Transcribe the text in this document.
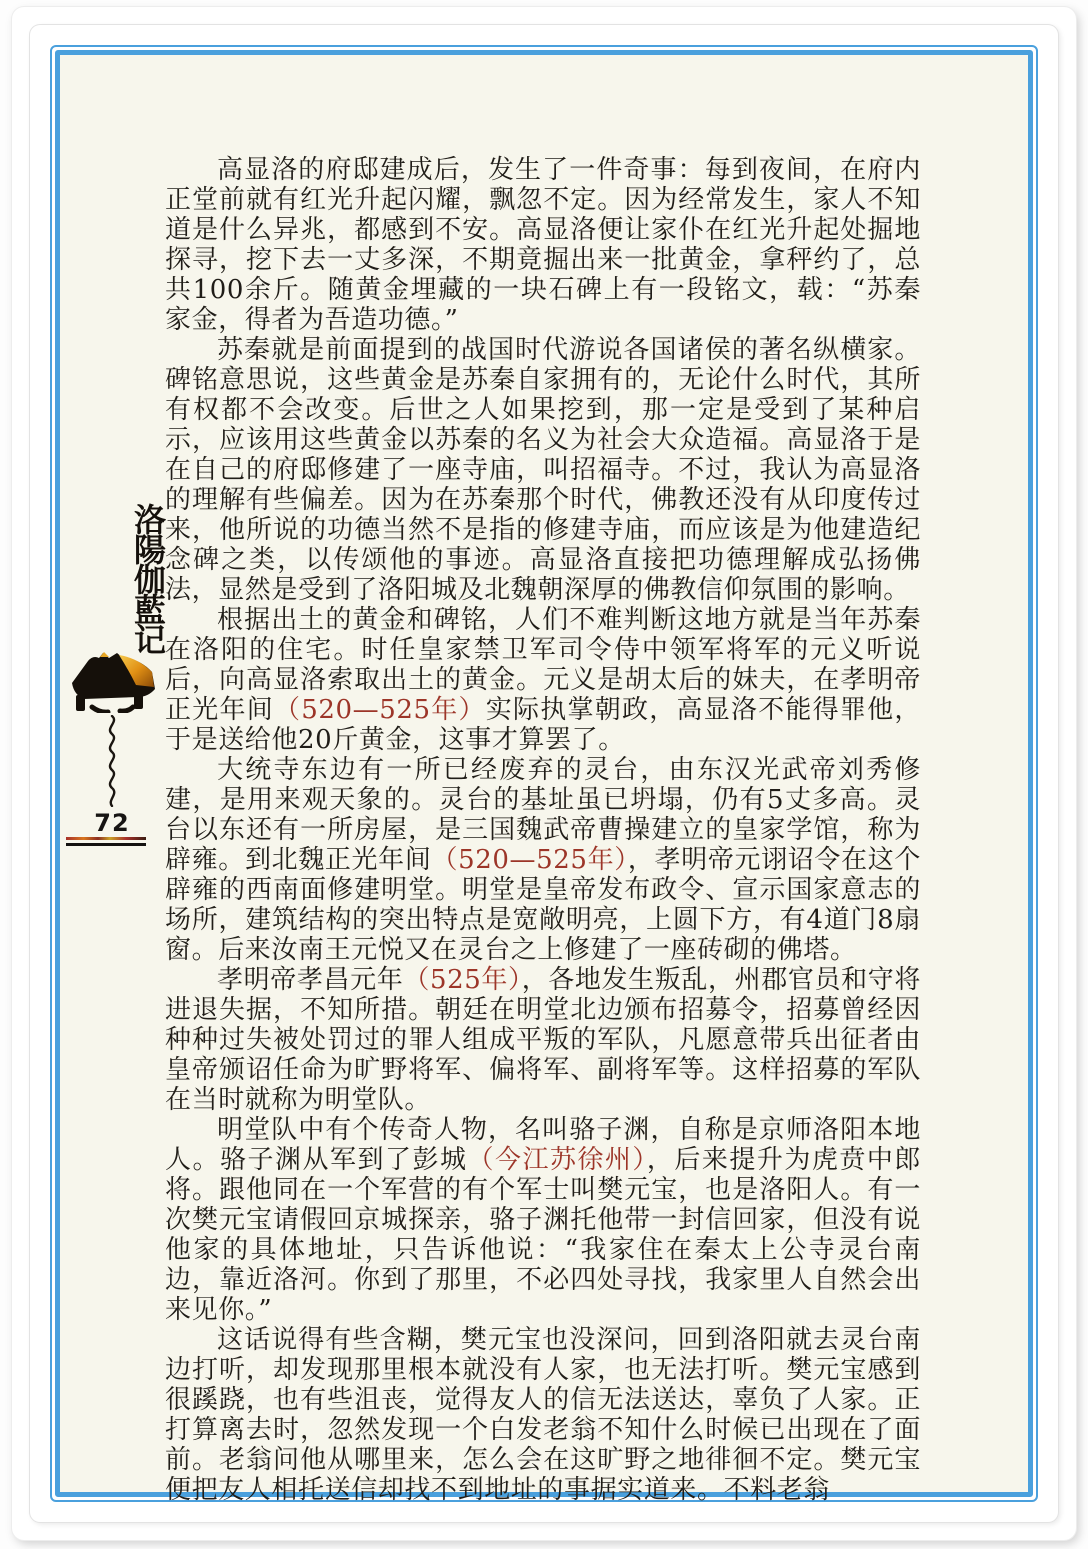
洛陽伽藍记
72

高显洛的府邸建成后，发生了一件奇事：每到夜间，在府内正堂前就有红光升起闪耀，飘忽不定。因为经常发生，家人不知道是什么异兆，都感到不安。高显洛便让家仆在红光升起处掘地探寻，挖下去一丈多深，不期竟掘出来一批黄金，拿秤约了，总共100余斤。随黄金埋藏的一块石碑上有一段铭文，载：“苏秦家金，得者为吾造功德。”

苏秦就是前面提到的战国时代游说各国诸侯的著名纵横家。碑铭意思说，这些黄金是苏秦自家拥有的，无论什么时代，其所有权都不会改变。后世之人如果挖到，那一定是受到了某种启示，应该用这些黄金以苏秦的名义为社会大众造福。高显洛于是在自己的府邸修建了一座寺庙，叫招福寺。不过，我认为高显洛的理解有些偏差。因为在苏秦那个时代，佛教还没有从印度传过来，他所说的功德当然不是指的修建寺庙，而应该是为他建造纪念碑之类，以传颂他的事迹。高显洛直接把功德理解成弘扬佛法，显然是受到了洛阳城及北魏朝深厚的佛教信仰氛围的影响。

根据出土的黄金和碑铭，人们不难判断这地方就是当年苏秦在洛阳的住宅。时任皇家禁卫军司令侍中领军将军的元义听说后，向高显洛索取出土的黄金。元义是胡太后的妹夫，在孝明帝正光年间（520—525年）实际执掌朝政，高显洛不能得罪他，于是送给他20斤黄金，这事才算罢了。

大统寺东边有一所已经废弃的灵台，由东汉光武帝刘秀修建，是用来观天象的。灵台的基址虽已坍塌，仍有5丈多高。灵台以东还有一所房屋，是三国魏武帝曹操建立的皇家学馆，称为辟雍。到北魏正光年间（520—525年），孝明帝元诩诏令在这个辟雍的西南面修建明堂。明堂是皇帝发布政令、宣示国家意志的场所，建筑结构的突出特点是宽敞明亮，上圆下方，有4道门8扇窗。后来汝南王元悦又在灵台之上修建了一座砖砌的佛塔。

孝明帝孝昌元年（525年），各地发生叛乱，州郡官员和守将进退失据，不知所措。朝廷在明堂北边颁布招募令，招募曾经因种种过失被处罚过的罪人组成平叛的军队，凡愿意带兵出征者由皇帝颁诏任命为旷野将军、偏将军、副将军等。这样招募的军队在当时就称为明堂队。

明堂队中有个传奇人物，名叫骆子渊，自称是京师洛阳本地人。骆子渊从军到了彭城（今江苏徐州），后来提升为虎贲中郎将。跟他同在一个军营的有个军士叫樊元宝，也是洛阳人。有一次樊元宝请假回京城探亲，骆子渊托他带一封信回家，但没有说他家的具体地址，只告诉他说：“我家住在秦太上公寺灵台南边，靠近洛河。你到了那里，不必四处寻找，我家里人自然会出来见你。”

这话说得有些含糊，樊元宝也没深问，回到洛阳就去灵台南边打听，却发现那里根本就没有人家，也无法打听。樊元宝感到很蹊跷，也有些沮丧，觉得友人的信无法送达，辜负了人家。正打算离去时，忽然发现一个白发老翁不知什么时候已出现在了面前。老翁问他从哪里来，怎么会在这旷野之地徘徊不定。樊元宝便把友人相托送信却找不到地址的事据实道来。不料老翁
